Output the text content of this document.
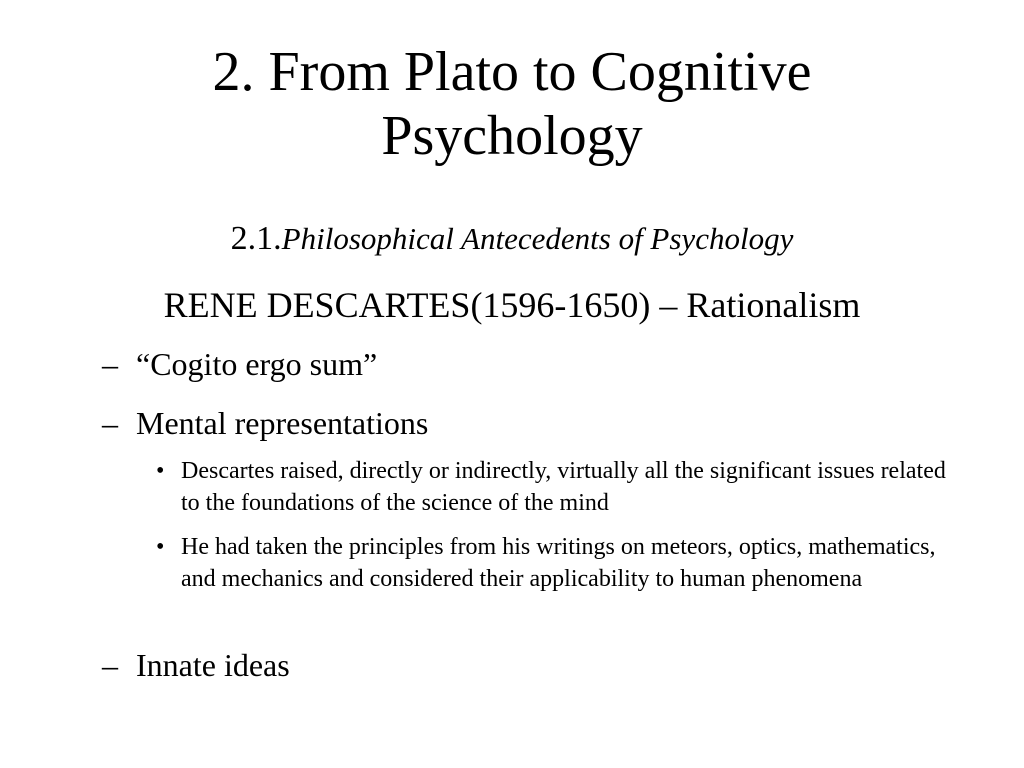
2. From Plato to Cognitive
Psychology
2.1.Philosophical Antecedents of Psychology
RENE DESCARTES(1596-1650) – Rationalism
– “Cogito ergo sum”
– Mental representations
• Descartes raised, directly or indirectly, virtually all the significant issues related to the foundations of the science of the mind
• He had taken the principles from his writings on meteors, optics, mathematics, and mechanics and considered their applicability to human phenomena
– Innate ideas
